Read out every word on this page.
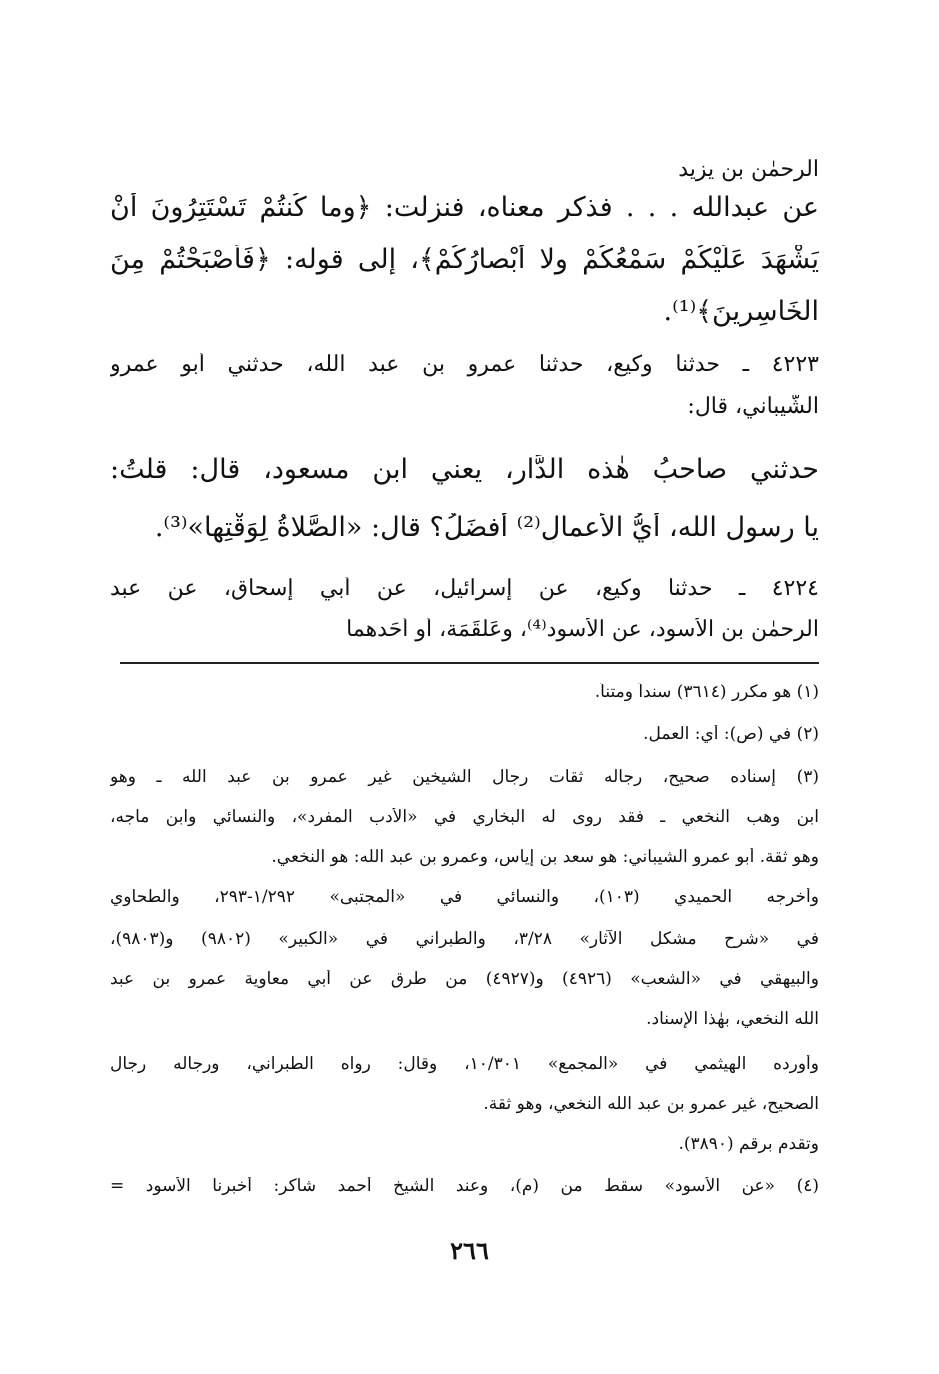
الرحمٰن بن يزيد
عن عبدالله . . . فذكر معناه، فنزلت: ﴿وما كُنتُمْ تَسْتَتِرُونَ أَنْ
يَشْهَدَ عَلَيْكُمْ سَمْعُكُمْ ولا أَبْصارُكُمْ﴾، إلى قوله: ﴿فَأَصْبَحْتُمْ مِنَ
الخَاسِرِينَ﴾⁽¹⁾.
٤٢٢٣ ـ حدثنا وكيع، حدثنا عمرو بن عبد الله، حدثني أبو عمرو
الشَّيباني، قال:
حدثني صاحبُ هٰذه الدَّار، يعني ابن مسعود، قال: قلتُ:
يا رسول الله، أيُّ الأعمالِ⁽²⁾ أفضَلُ؟ قال: «الصَّلاةُ لِوَقْتِها»⁽³⁾.
٤٢٢٤ ـ حدثنا وكيع، عن إسرائيل، عن أبي إسحاق، عن عبد
الرحمٰن بن الأسود، عن الأسود⁽⁴⁾، وعَلْقَمَة، أو أحَدهما
(١) هو مكرر (٣٦١٤) سنداً ومتناً.
(٢) في (ص): أي: العمل.
(٣) إسناده صحيح، رجاله ثقات رجال الشيخين غير عمرو بن عبد الله ـ وهو
ابن وهب النخعي ـ فقد روى له البخاري في «الأدب المفرد»، والنسائي وابن ماجه،
وهو ثقة. أبو عمرو الشيباني: هو سعد بن إياس، وعمرو بن عبد الله: هو النخعي.
وأخرجه الحميدي (١٠٣)، والنسائي في «المجتبى» ١/٢٩٢-٢٩٣، والطحاوي
في «شرح مشكل الآثار» ٣/٢٨، والطبراني في «الكبير» (٩٨٠٢) و(٩٨٠٣)،
والبيهقي في «الشعب» (٤٩٢٦) و(٤٩٢٧) من طرق عن أبي معاوية عمرو بن عبد
الله النخعي، بهٰذا الإسناد.
وأورده الهيثمي في «المجمع» ١٠/٣٠١، وقال: رواه الطبراني، ورجاله رجال
الصحيح، غير عمرو بن عبد الله النخعي، وهو ثقة.
وتقدم برقم (٣٨٩٠).
(٤) «عن الأسود» سقط من (م)، وعند الشيخ أحمد شاكر: أخبرنا الأسود =
٢٦٦
